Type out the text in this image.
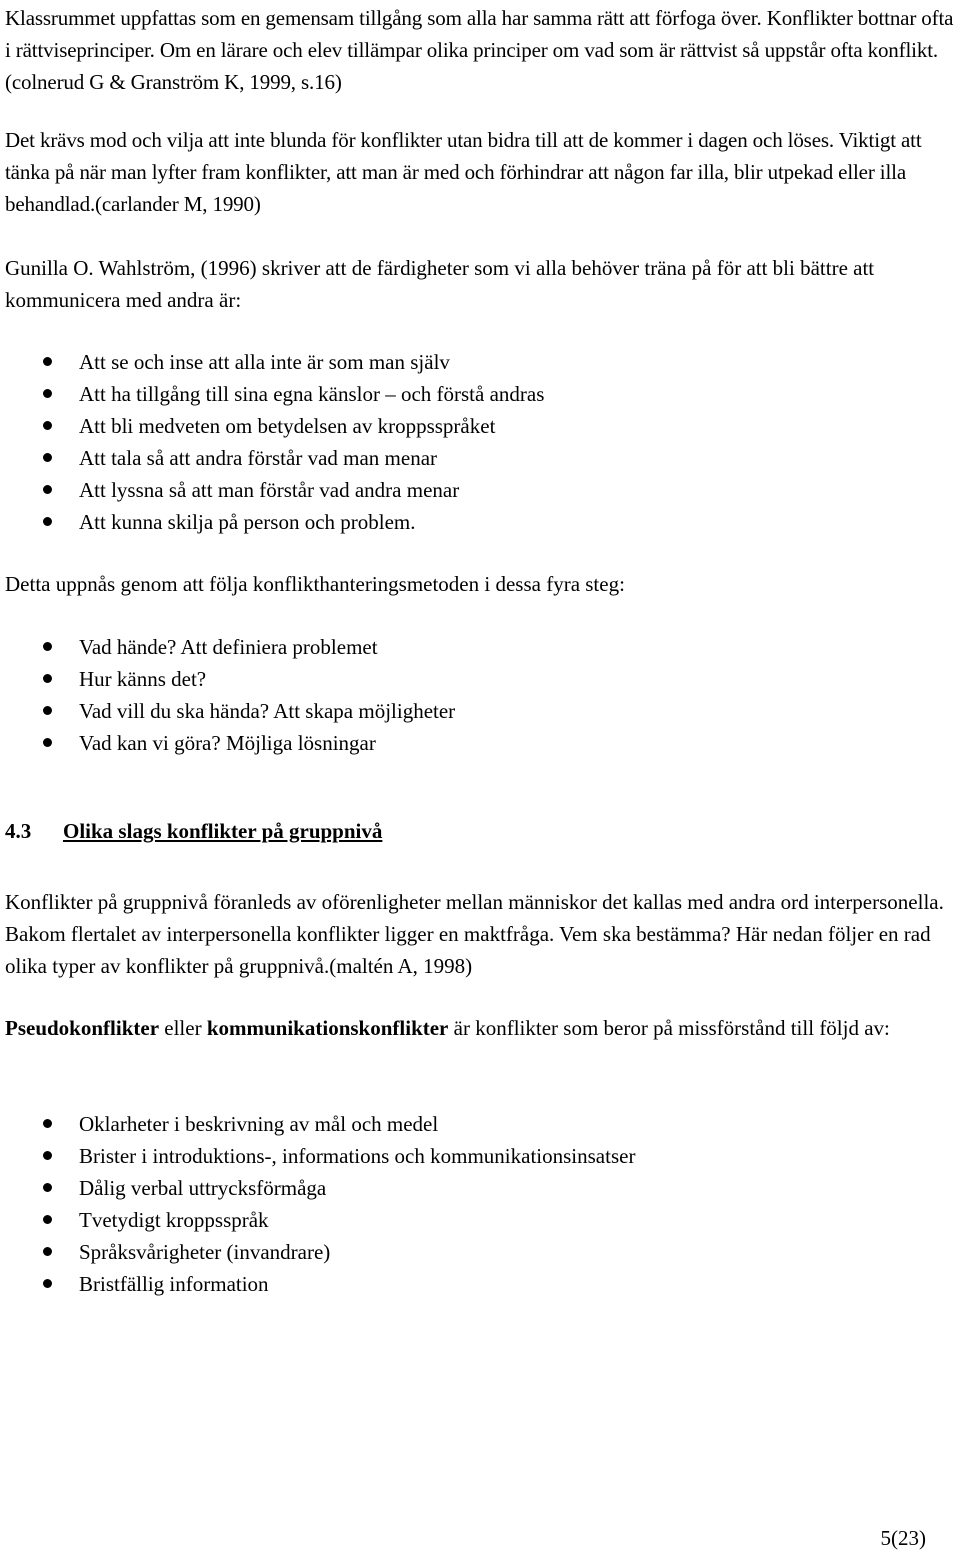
Klassrummet uppfattas som en gemensam tillgång som alla har samma rätt att förfoga över. Konflikter bottnar ofta i rättviseprinciper. Om en lärare och elev tillämpar olika principer om vad som är rättvist så uppstår ofta konflikt.(colnerud G & Granström K, 1999, s.16)

Det krävs mod och vilja att inte blunda för konflikter utan bidra till att de kommer i dagen och löses. Viktigt att tänka på när man lyfter fram konflikter, att man är med och förhindrar att någon far illa, blir utpekad eller illa behandlad.(carlander M, 1990)

Gunilla O. Wahlström, (1996) skriver att de färdigheter som vi alla behöver träna på för att bli bättre att kommunicera med andra är:

Att se och inse att alla inte är som man själv
Att ha tillgång till sina egna känslor – och förstå andras
Att bli medveten om betydelsen av kroppsspråket
Att tala så att andra förstår vad man menar
Att lyssna så att man förstår vad andra menar
Att kunna skilja på person och problem.

Detta uppnås genom att följa konflikthanteringsmetoden i dessa fyra steg:

Vad hände? Att definiera problemet
Hur känns det?
Vad vill du ska hända? Att skapa möjligheter
Vad kan vi göra? Möjliga lösningar
4.3 Olika slags konflikter på gruppnivå

Konflikter på gruppnivå föranleds av oförenligheter mellan människor det kallas med andra ord interpersonella. Bakom flertalet av interpersonella konflikter ligger en maktfråga. Vem ska bestämma? Här nedan följer en rad olika typer av konflikter på gruppnivå.(maltén A, 1998)

Pseudokonflikter eller kommunikationskonflikter är konflikter som beror på missförstånd till följd av:

Oklarheter i beskrivning av mål och medel
Brister i introduktions-, informations och kommunikationsinsatser
Dålig verbal uttrycksförmåga
Tvetydigt kroppsspråk
Språksvårigheter (invandrare)
Bristfällig information
5(23)
